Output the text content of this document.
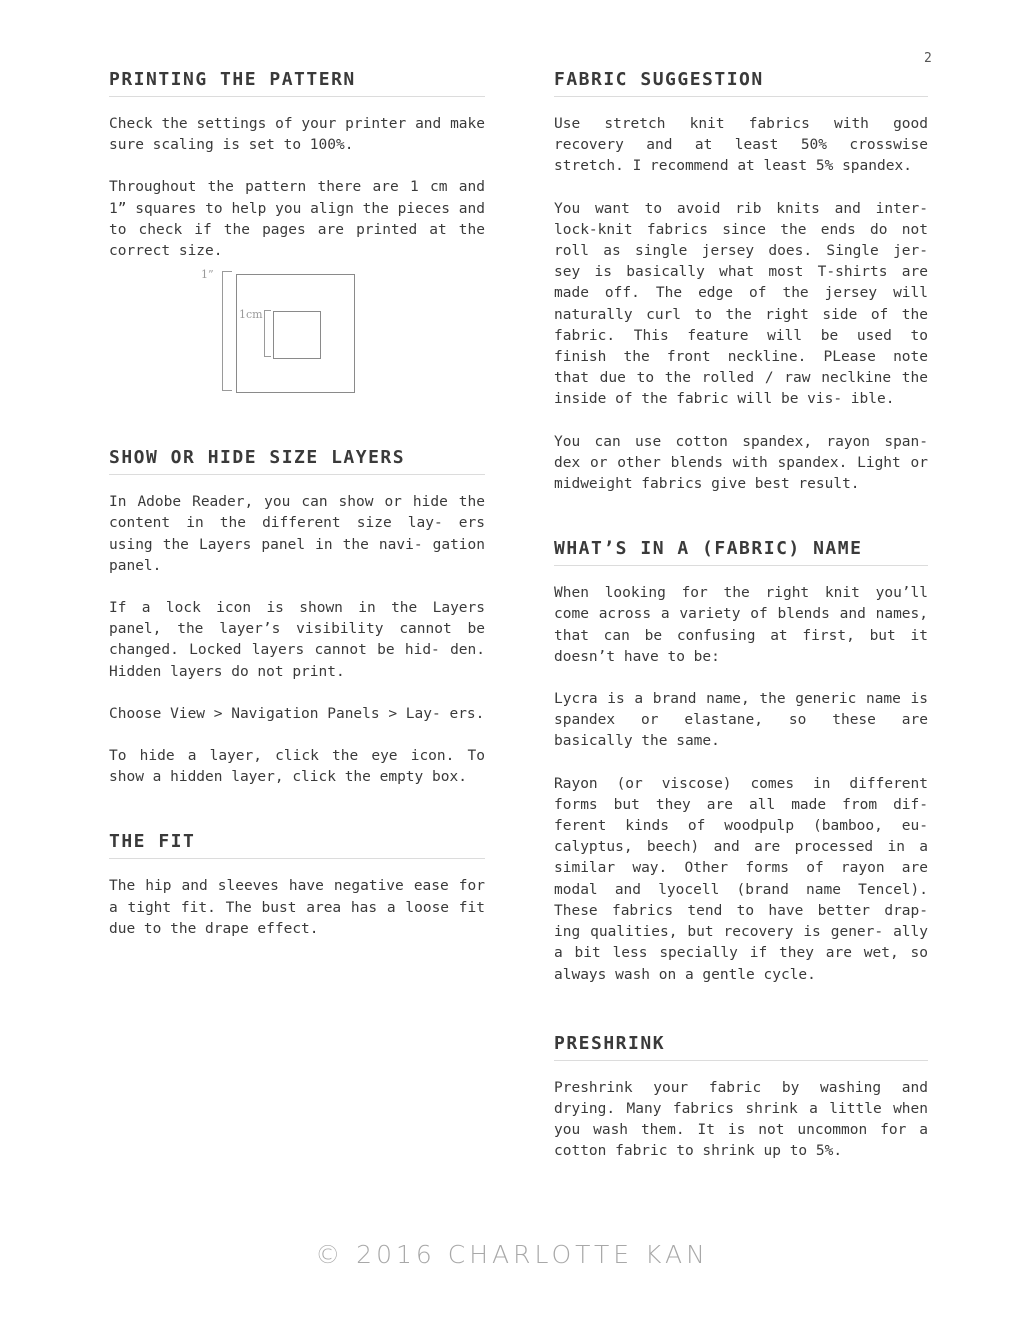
2
PRINTING THE PATTERN

Check the settings of your printer and make sure scaling is set to 100%.

Throughout the pattern there are 1 cm and 1” squares to help you align the pieces and to check if the pages are printed at the correct size.

1”
1cm
SHOW OR HIDE SIZE LAYERS

In Adobe Reader, you can show or hide the content in the different size lay- ers using the Layers panel in the navi- gation panel.

If a lock icon is shown in the Layers panel, the layer’s visibility cannot be changed. Locked layers cannot be hid- den. Hidden layers do not print.

Choose View > Navigation Panels > Lay- ers.

To hide a layer, click the eye icon. To show a hidden layer, click the empty box.

THE FIT

The hip and sleeves have negative ease for a tight fit. The bust area has a loose fit due to the drape effect.

FABRIC SUGGESTION

Use stretch knit fabrics with good recovery and at least 50% crosswise stretch. I recommend at least 5% spandex.

You want to avoid rib knits and inter- lock-knit fabrics since the ends do not roll as single jersey does. Single jer- sey is basically what most T-shirts are made off. The edge of the jersey will naturally curl to the right side of the fabric. This feature will be used to finish the front neckline. PLease note that due to the rolled / raw neclkine the inside of the fabric will be vis- ible.

You can use cotton spandex, rayon span- dex or other blends with spandex. Light or midweight fabrics give best result.

WHAT’S IN A (FABRIC) NAME

When looking for the right knit you’ll come across a variety of blends and names, that can be confusing at first, but it doesn’t have to be:

Lycra is a brand name, the generic name is spandex or elastane, so these are basically the same.

Rayon (or viscose) comes in different forms but they are all made from dif- ferent kinds of woodpulp (bamboo, eu- calyptus, beech) and are processed in a similar way. Other forms of rayon are modal and lyocell (brand name Tencel). These fabrics tend to have better drap- ing qualities, but recovery is gener- ally a bit less specially if they are wet, so always wash on a gentle cycle.

PRESHRINK

Preshrink your fabric by washing and drying. Many fabrics shrink a little when you wash them. It is not uncommon for a cotton fabric to shrink up to 5%.

© 2016 CHARLOTTE KAN
